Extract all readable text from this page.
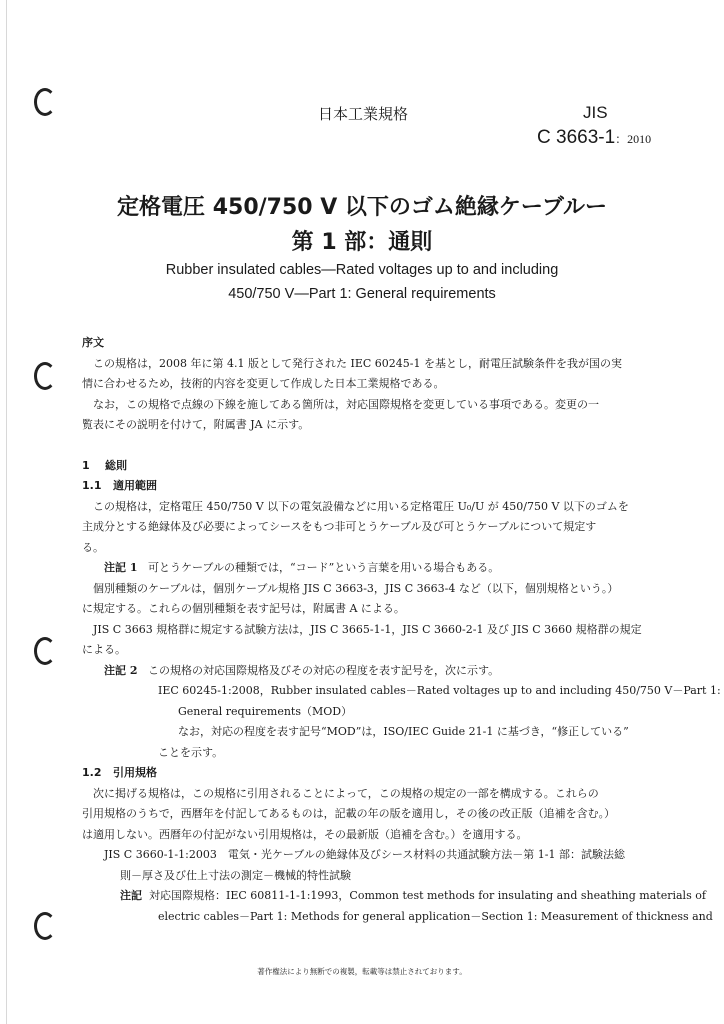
日本工業規格	JIS
C 3663-1：2010
定格電圧 450/750 V 以下のゴム絶縁ケーブルー
第 1 部：通則
Rubber insulated cables—Rated voltages up to and including
450/750 V—Part 1: General requirements
序文
この規格は，2008 年に第 4.1 版として発行された IEC 60245-1 を基とし，耐電圧試験条件を我が国の実
情に合わせるため，技術的内容を変更して作成した日本工業規格である。
なお，この規格で点線の下線を施してある箇所は，対応国際規格を変更している事項である。変更の一
覧表にその説明を付けて，附属書 JA に示す。
1 総則
1.1 適用範囲
この規格は，定格電圧 450/750 V 以下の電気設備などに用いる定格電圧 U₀/U が 450/750 V 以下のゴムを
主成分とする絶縁体及び必要によってシースをもつ非可とうケーブル及び可とうケーブルについて規定す
る。
注記 1 可とうケーブルの種類では，“コード”という言葉を用いる場合もある。
個別種類のケーブルは，個別ケーブル規格 JIS C 3663-3，JIS C 3663-4 など（以下，個別規格という。）
に規定する。これらの個別種類を表す記号は，附属書 A による。
JIS C 3663 規格群に規定する試験方法は，JIS C 3665-1-1，JIS C 3660-2-1 及び JIS C 3660 規格群の規定
による。
注記 2 この規格の対応国際規格及びその対応の程度を表す記号を，次に示す。
IEC 60245-1:2008，Rubber insulated cables－Rated voltages up to and including 450/750 V－Part 1:
General requirements（MOD）
なお，対応の程度を表す記号“MOD”は，ISO/IEC Guide 21-1 に基づき，“修正している”
ことを示す。
1.2 引用規格
次に掲げる規格は，この規格に引用されることによって，この規格の規定の一部を構成する。これらの
引用規格のうちで，西暦年を付記してあるものは，記載の年の版を適用し，その後の改正版（追補を含む。）
は適用しない。西暦年の付記がない引用規格は，その最新版（追補を含む。）を適用する。
JIS C 3660-1-1:2003　電気・光ケーブルの絶縁体及びシース材料の共通試験方法－第 1-1 部：試験法総
則－厚さ及び仕上寸法の測定－機械的特性試験
注記 対応国際規格：IEC 60811-1-1:1993，Common test methods for insulating and sheathing materials of
electric cables－Part 1: Methods for general application－Section 1: Measurement of thickness and
著作権法により無断での複製，転載等は禁止されております。
